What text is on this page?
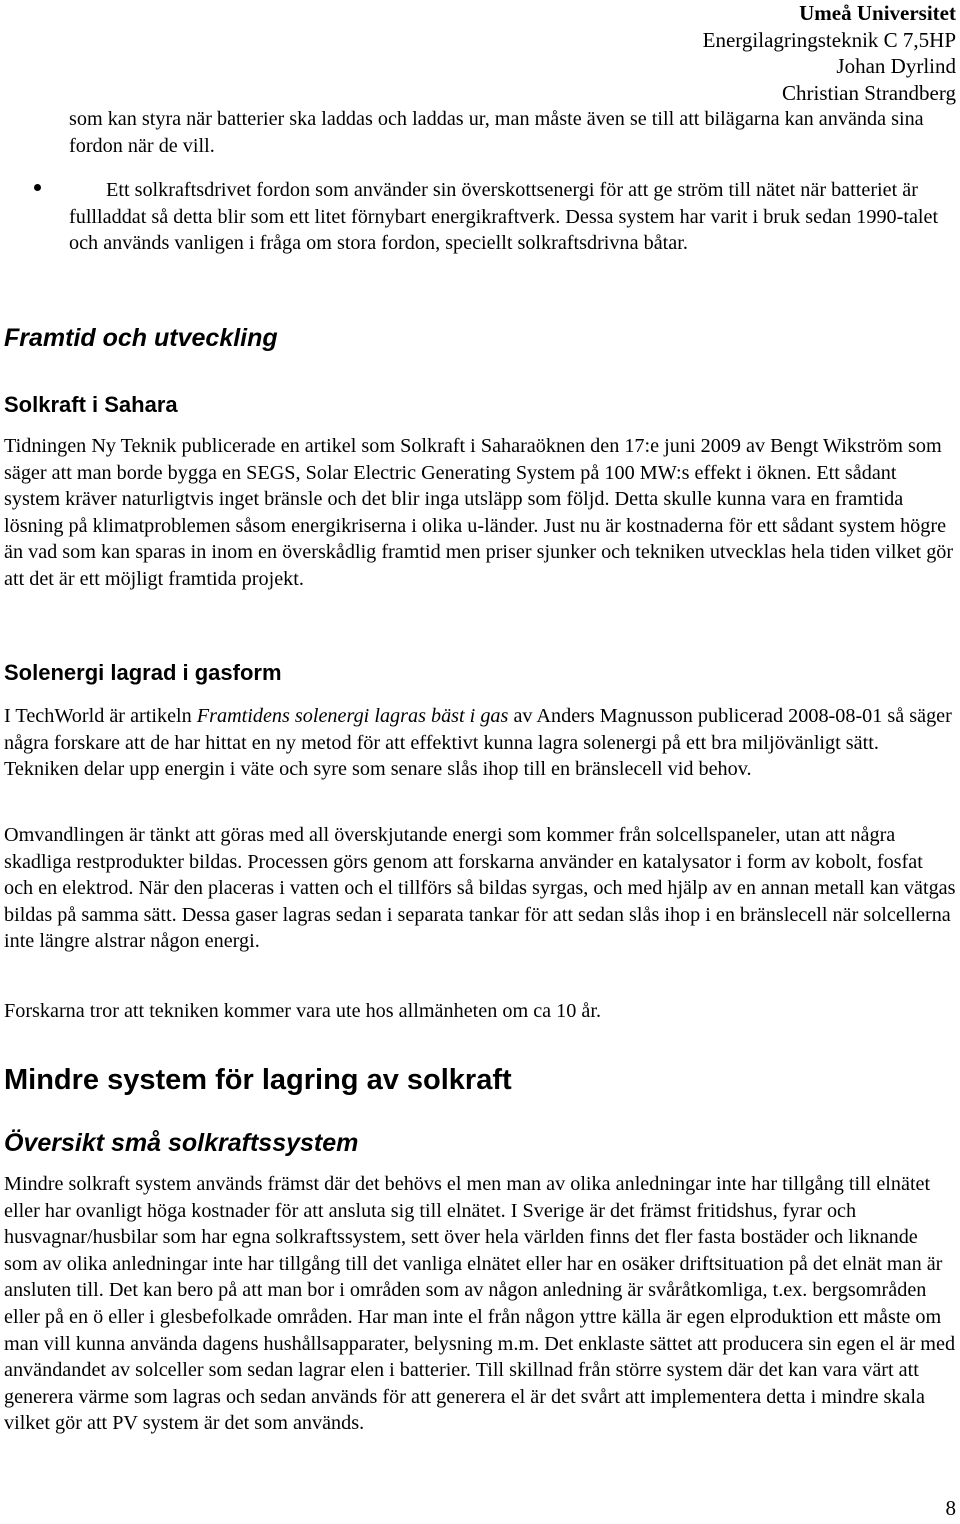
Umeå Universitet
Energilagringsteknik C 7,5HP
Johan Dyrlind
Christian Strandberg

som kan styra när batterier ska laddas och laddas ur, man måste även se till att bilägarna kan använda sina fordon när de vill.

Ett solkraftsdrivet fordon som använder sin överskottsenergi för att ge ström till nätet när batteriet är fullladdat så detta blir som ett litet förnybart energikraftverk. Dessa system har varit i bruk sedan 1990-talet och används vanligen i fråga om stora fordon, speciellt solkraftsdrivna båtar.

Framtid och utveckling
Solkraft i Sahara

Tidningen Ny Teknik publicerade en artikel som Solkraft i Saharaöknen den 17:e juni 2009 av Bengt Wikström som säger att man borde bygga en SEGS, Solar Electric Generating System på 100 MW:s effekt i öknen. Ett sådant system kräver naturligtvis inget bränsle och det blir inga utsläpp som följd. Detta skulle kunna vara en framtida lösning på klimatproblemen såsom energikriserna i olika u-länder. Just nu är kostnaderna för ett sådant system högre än vad som kan sparas in inom en överskådlig framtid men priser sjunker och tekniken utvecklas hela tiden vilket gör att det är ett möjligt framtida projekt.

Solenergi lagrad i gasform

I TechWorld är artikeln Framtidens solenergi lagras bäst i gas av Anders Magnusson publicerad 2008-08-01 så säger några forskare att de har hittat en ny metod för att effektivt kunna lagra solenergi på ett bra miljövänligt sätt. Tekniken delar upp energin i väte och syre som senare slås ihop till en bränslecell vid behov.

Omvandlingen är tänkt att göras med all överskjutande energi som kommer från solcellspaneler, utan att några skadliga restprodukter bildas. Processen görs genom att forskarna använder en katalysator i form av kobolt, fosfat och en elektrod. När den placeras i vatten och el tillförs så bildas syrgas, och med hjälp av en annan metall kan vätgas bildas på samma sätt. Dessa gaser lagras sedan i separata tankar för att sedan slås ihop i en bränslecell när solcellerna inte längre alstrar någon energi.

Forskarna tror att tekniken kommer vara ute hos allmänheten om ca 10 år.

Mindre system för lagring av solkraft
Översikt små solkraftssystem

Mindre solkraft system används främst där det behövs el men man av olika anledningar inte har tillgång till elnätet eller har ovanligt höga kostnader för att ansluta sig till elnätet. I Sverige är det främst fritidshus, fyrar och husvagnar/husbilar som har egna solkraftssystem, sett över hela världen finns det fler fasta bostäder och liknande som av olika anledningar inte har tillgång till det vanliga elnätet eller har en osäker driftsituation på det elnät man är ansluten till. Det kan bero på att man bor i områden som av någon anledning är svåråtkomliga, t.ex. bergsområden eller på en ö eller i glesbefolkade områden. Har man inte el från någon yttre källa är egen elproduktion ett måste om man vill kunna använda dagens hushållsapparater, belysning m.m. Det enklaste sättet att producera sin egen el är med användandet av solceller som sedan lagrar elen i batterier. Till skillnad från större system där det kan vara värt att generera värme som lagras och sedan används för att generera el är det svårt att implementera detta i mindre skala vilket gör att PV system är det som används.

8
